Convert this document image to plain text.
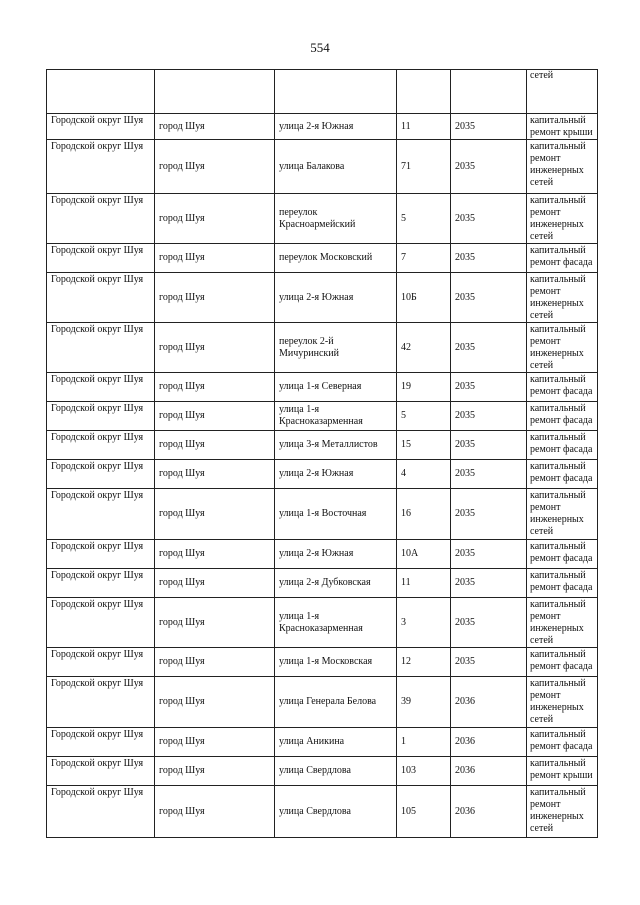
554
					сетей
Городской округ Шуя	город Шуя	улица 2-я Южная	11	2035	капитальный ремонт крыши
Городской округ Шуя	город Шуя	улица Балакова	71	2035	капитальный ремонт инженерных сетей
Городской округ Шуя	город Шуя	переулок Красноармейский	5	2035	капитальный ремонт инженерных сетей
Городской округ Шуя	город Шуя	переулок Московский	7	2035	капитальный ремонт фасада
Городской округ Шуя	город Шуя	улица 2-я Южная	10Б	2035	капитальный ремонт инженерных сетей
Городской округ Шуя	город Шуя	переулок 2-й Мичуринский	42	2035	капитальный ремонт инженерных сетей
Городской округ Шуя	город Шуя	улица 1-я Северная	19	2035	капитальный ремонт фасада
Городской округ Шуя	город Шуя	улица 1-я Красноказарменная	5	2035	капитальный ремонт фасада
Городской округ Шуя	город Шуя	улица 3-я Металлистов	15	2035	капитальный ремонт фасада
Городской округ Шуя	город Шуя	улица 2-я Южная	4	2035	капитальный ремонт фасада
Городской округ Шуя	город Шуя	улица 1-я Восточная	16	2035	капитальный ремонт инженерных сетей
Городской округ Шуя	город Шуя	улица 2-я Южная	10А	2035	капитальный ремонт фасада
Городской округ Шуя	город Шуя	улица 2-я Дубковская	11	2035	капитальный ремонт фасада
Городской округ Шуя	город Шуя	улица 1-я Красноказарменная	3	2035	капитальный ремонт инженерных сетей
Городской округ Шуя	город Шуя	улица 1-я Московская	12	2035	капитальный ремонт фасада
Городской округ Шуя	город Шуя	улица Генерала Белова	39	2036	капитальный ремонт инженерных сетей
Городской округ Шуя	город Шуя	улица Аникина	1	2036	капитальный ремонт фасада
Городской округ Шуя	город Шуя	улица Свердлова	103	2036	капитальный ремонт крыши
Городской округ Шуя	город Шуя	улица Свердлова	105	2036	капитальный ремонт инженерных сетей
